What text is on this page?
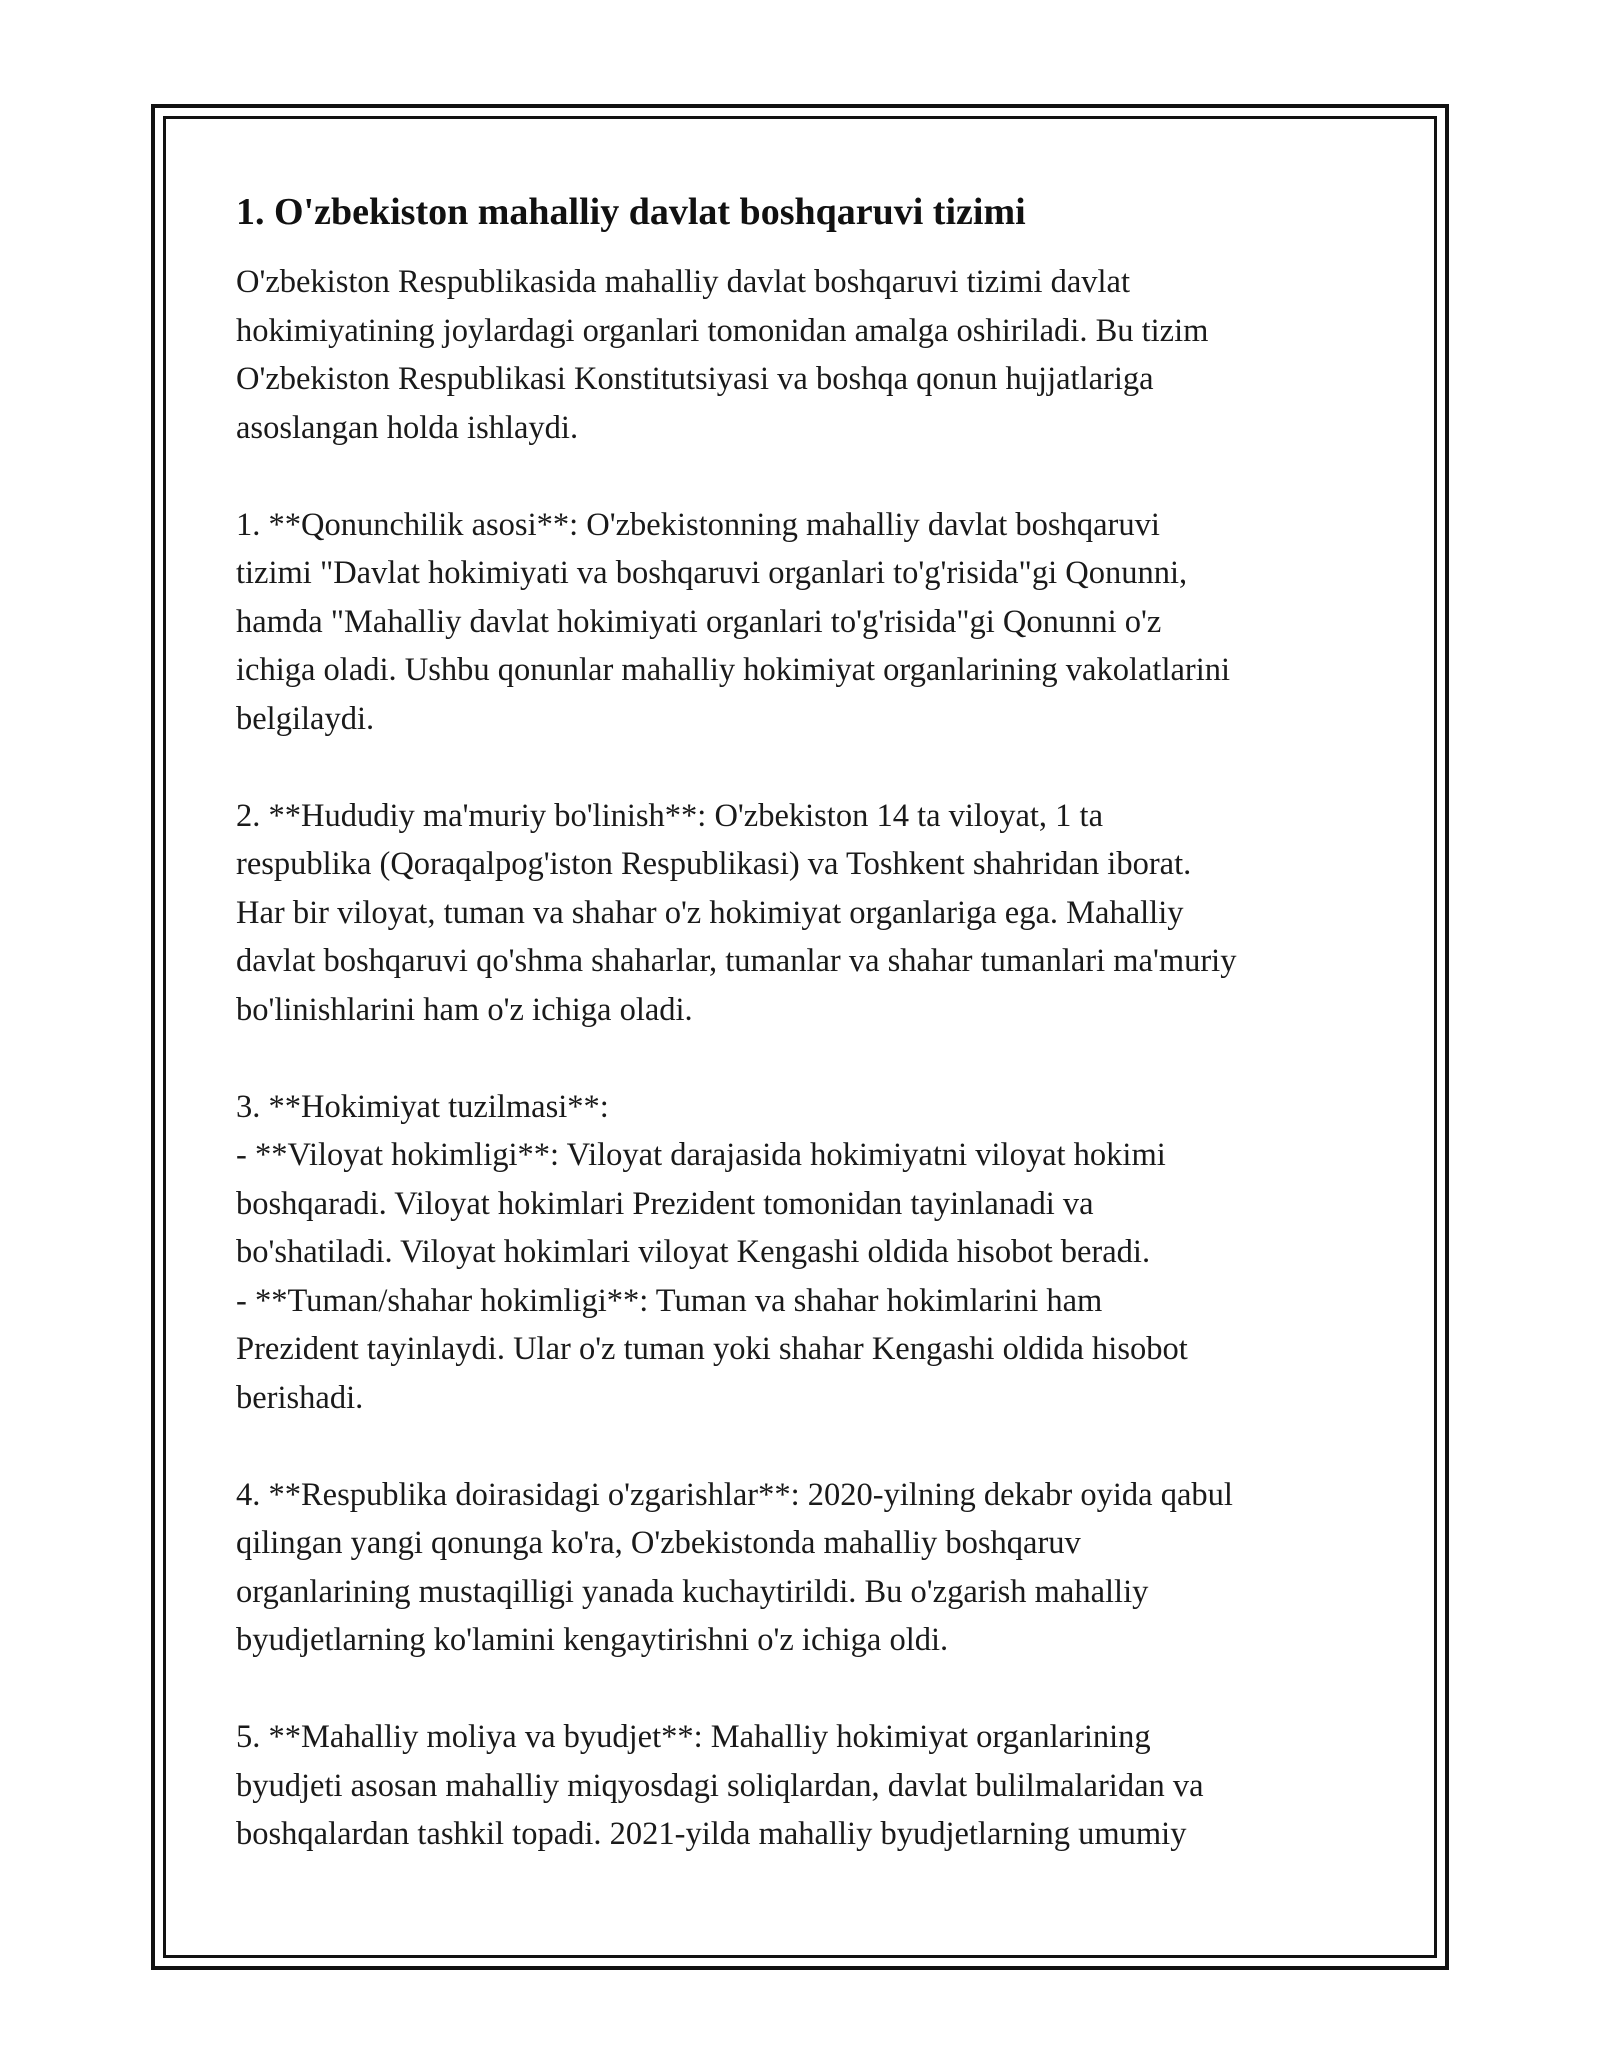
1. O'zbekiston mahalliy davlat boshqaruvi tizimi

O'zbekiston Respublikasida mahalliy davlat boshqaruvi tizimi davlat
hokimiyatining joylardagi organlari tomonidan amalga oshiriladi. Bu tizim
O'zbekiston Respublikasi Konstitutsiyasi va boshqa qonun hujjatlariga
asoslangan holda ishlaydi.

1. **Qonunchilik asosi**: O'zbekistonning mahalliy davlat boshqaruvi
tizimi "Davlat hokimiyati va boshqaruvi organlari to'g'risida"gi Qonunni,
hamda "Mahalliy davlat hokimiyati organlari to'g'risida"gi Qonunni o'z
ichiga oladi. Ushbu qonunlar mahalliy hokimiyat organlarining vakolatlarini
belgilaydi.

2. **Hududiy ma'muriy bo'linish**: O'zbekiston 14 ta viloyat, 1 ta
respublika (Qoraqalpog'iston Respublikasi) va Toshkent shahridan iborat.
Har bir viloyat, tuman va shahar o'z hokimiyat organlariga ega. Mahalliy
davlat boshqaruvi qo'shma shaharlar, tumanlar va shahar tumanlari ma'muriy
bo'linishlarini ham o'z ichiga oladi.

3. **Hokimiyat tuzilmasi**:
- **Viloyat hokimligi**: Viloyat darajasida hokimiyatni viloyat hokimi
boshqaradi. Viloyat hokimlari Prezident tomonidan tayinlanadi va
bo'shatiladi. Viloyat hokimlari viloyat Kengashi oldida hisobot beradi.
- **Tuman/shahar hokimligi**: Tuman va shahar hokimlarini ham
Prezident tayinlaydi. Ular o'z tuman yoki shahar Kengashi oldida hisobot
berishadi.

4. **Respublika doirasidagi o'zgarishlar**: 2020-yilning dekabr oyida qabul
qilingan yangi qonunga ko'ra, O'zbekistonda mahalliy boshqaruv
organlarining mustaqilligi yanada kuchaytirildi. Bu o'zgarish mahalliy
byudjetlarning ko'lamini kengaytirishni o'z ichiga oldi.

5. **Mahalliy moliya va byudjet**: Mahalliy hokimiyat organlarining
byudjeti asosan mahalliy miqyosdagi soliqlardan, davlat bulilmalaridan va
boshqalardan tashkil topadi. 2021-yilda mahalliy byudjetlarning umumiy
